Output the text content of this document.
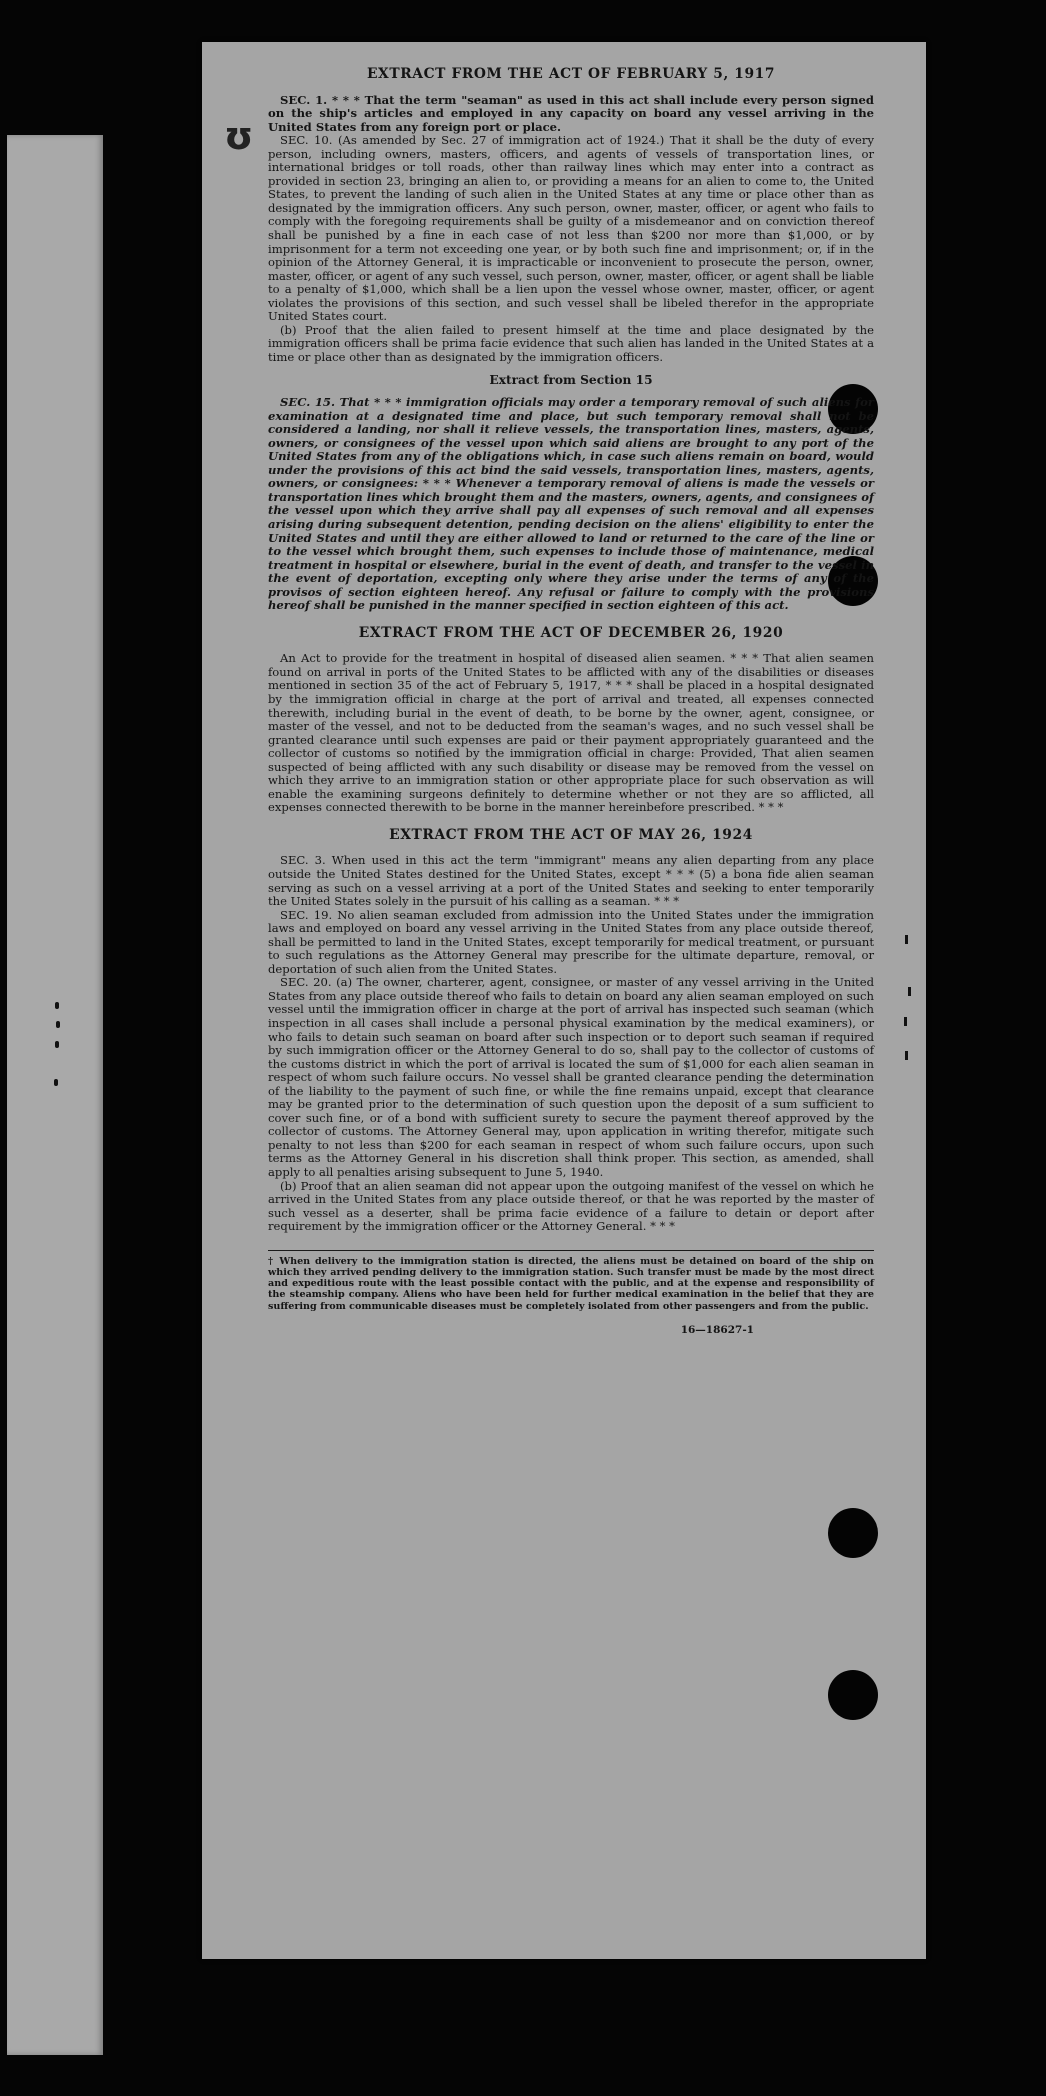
ʊ
EXTRACT FROM THE ACT OF FEBRUARY 5, 1917

SEC. 1. * * * That the term "seaman" as used in this act shall include every person signed on the ship's articles and employed in any capacity on board any vessel arriving in the United States from any foreign port or place.

SEC. 10. (As amended by Sec. 27 of immigration act of 1924.) That it shall be the duty of every person, including owners, masters, officers, and agents of vessels of transportation lines, or international bridges or toll roads, other than railway lines which may enter into a contract as provided in section 23, bringing an alien to, or providing a means for an alien to come to, the United States, to prevent the landing of such alien in the United States at any time or place other than as designated by the immigration officers. Any such person, owner, master, officer, or agent who fails to comply with the foregoing requirements shall be guilty of a misdemeanor and on conviction thereof shall be punished by a fine in each case of not less than $200 nor more than $1,000, or by imprisonment for a term not exceeding one year, or by both such fine and imprisonment; or, if in the opinion of the Attorney General, it is impracticable or inconvenient to prosecute the person, owner, master, officer, or agent of any such vessel, such person, owner, master, officer, or agent shall be liable to a penalty of $1,000, which shall be a lien upon the vessel whose owner, master, officer, or agent violates the provisions of this section, and such vessel shall be libeled therefor in the appropriate United States court.

(b) Proof that the alien failed to present himself at the time and place designated by the immigration officers shall be prima facie evidence that such alien has landed in the United States at a time or place other than as designated by the immigration officers.

Extract from Section 15

SEC. 15. That * * * immigration officials may order a temporary removal of such aliens for examination at a designated time and place, but such temporary removal shall not be considered a landing, nor shall it relieve vessels, the transportation lines, masters, agents, owners, or consignees of the vessel upon which said aliens are brought to any port of the United States from any of the obligations which, in case such aliens remain on board, would under the provisions of this act bind the said vessels, transportation lines, masters, agents, owners, or consignees: * * * Whenever a temporary removal of aliens is made the vessels or transportation lines which brought them and the masters, owners, agents, and consignees of the vessel upon which they arrive shall pay all expenses of such removal and all expenses arising during subsequent detention, pending decision on the aliens' eligibility to enter the United States and until they are either allowed to land or returned to the care of the line or to the vessel which brought them, such expenses to include those of maintenance, medical treatment in hospital or elsewhere, burial in the event of death, and transfer to the vessel in the event of deportation, excepting only where they arise under the terms of any of the provisos of section eighteen hereof. Any refusal or failure to comply with the provisions hereof shall be punished in the manner specified in section eighteen of this act.

EXTRACT FROM THE ACT OF DECEMBER 26, 1920

An Act to provide for the treatment in hospital of diseased alien seamen. * * * That alien seamen found on arrival in ports of the United States to be afflicted with any of the disabilities or diseases mentioned in section 35 of the act of February 5, 1917, * * * shall be placed in a hospital designated by the immigration official in charge at the port of arrival and treated, all expenses connected therewith, including burial in the event of death, to be borne by the owner, agent, consignee, or master of the vessel, and not to be deducted from the seaman's wages, and no such vessel shall be granted clearance until such expenses are paid or their payment appropriately guaranteed and the collector of customs so notified by the immigration official in charge: Provided, That alien seamen suspected of being afflicted with any such disability or disease may be removed from the vessel on which they arrive to an immigration station or other appropriate place for such observation as will enable the examining surgeons definitely to determine whether or not they are so afflicted, all expenses connected therewith to be borne in the manner hereinbefore prescribed. * * *

EXTRACT FROM THE ACT OF MAY 26, 1924

SEC. 3. When used in this act the term "immigrant" means any alien departing from any place outside the United States destined for the United States, except * * * (5) a bona fide alien seaman serving as such on a vessel arriving at a port of the United States and seeking to enter temporarily the United States solely in the pursuit of his calling as a seaman. * * *

SEC. 19. No alien seaman excluded from admission into the United States under the immigration laws and employed on board any vessel arriving in the United States from any place outside thereof, shall be permitted to land in the United States, except temporarily for medical treatment, or pursuant to such regulations as the Attorney General may prescribe for the ultimate departure, removal, or deportation of such alien from the United States.

SEC. 20. (a) The owner, charterer, agent, consignee, or master of any vessel arriving in the United States from any place outside thereof who fails to detain on board any alien seaman employed on such vessel until the immigration officer in charge at the port of arrival has inspected such seaman (which inspection in all cases shall include a personal physical examination by the medical examiners), or who fails to detain such seaman on board after such inspection or to deport such seaman if required by such immigration officer or the Attorney General to do so, shall pay to the collector of customs of the customs district in which the port of arrival is located the sum of $1,000 for each alien seaman in respect of whom such failure occurs. No vessel shall be granted clearance pending the determination of the liability to the payment of such fine, or while the fine remains unpaid, except that clearance may be granted prior to the determination of such question upon the deposit of a sum sufficient to cover such fine, or of a bond with sufficient surety to secure the payment thereof approved by the collector of customs. The Attorney General may, upon application in writing therefor, mitigate such penalty to not less than $200 for each seaman in respect of whom such failure occurs, upon such terms as the Attorney General in his discretion shall think proper. This section, as amended, shall apply to all penalties arising subsequent to June 5, 1940.

(b) Proof that an alien seaman did not appear upon the outgoing manifest of the vessel on which he arrived in the United States from any place outside thereof, or that he was reported by the master of such vessel as a deserter, shall be prima facie evidence of a failure to detain or deport after requirement by the immigration officer or the Attorney General. * * *

† When delivery to the immigration station is directed, the aliens must be detained on board of the ship on which they arrived pending delivery to the immigration station. Such transfer must be made by the most direct and expeditious route with the least possible contact with the public, and at the expense and responsibility of the steamship company. Aliens who have been held for further medical examination in the belief that they are suffering from communicable diseases must be completely isolated from other passengers and from the public.
16—18627-1
